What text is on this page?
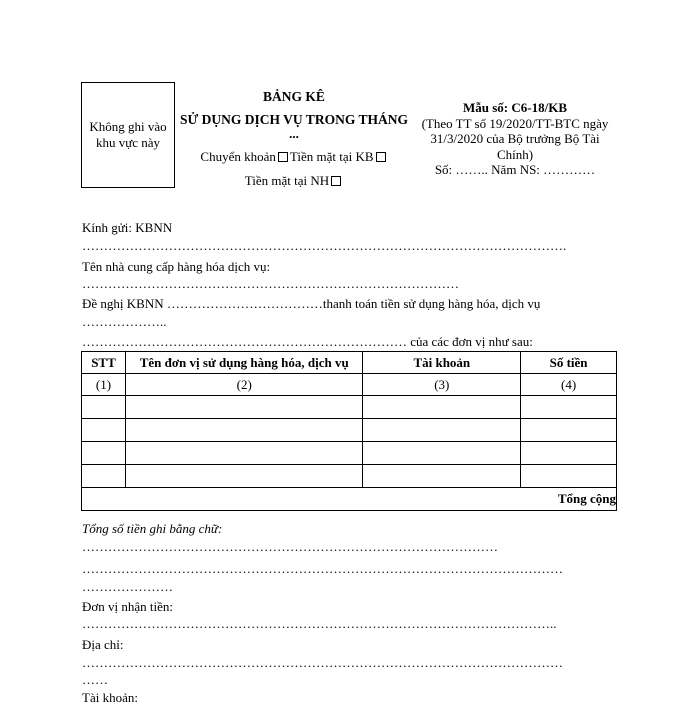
Không ghi vào
khu vực này
BẢNG KÊ
SỬ DỤNG DỊCH VỤ TRONG THÁNG
...
Chuyển khoản Tiền mặt tại KB
Tiền mặt tại NH
Mẫu số: C6-18/KB
(Theo TT số 19/2020/TT-BTC ngày
31/3/2020 của Bộ trưởng Bộ Tài
Chính)
Số: …….. Năm NS: …………
Kính gửi: KBNN
………………………………………………………………………………………………….
Tên nhà cung cấp hàng hóa dịch vụ:
……………………………………………………………………………
Đề nghị KBNN ………………………………thanh toán tiền sử dụng hàng hóa, dịch vụ
………………..
………………………………………………………………… của các đơn vị như sau:
STT	Tên đơn vị sử dụng hàng hóa, dịch vụ	Tài khoản	Số tiền
(1)	(2)	(3)	(4)

Tổng cộng			
Tổng số tiền ghi bằng chữ:
……………………………………………………………………………………
…………………………………………………………………………………………………
…………………
Đơn vị nhận tiền:
………………………………………………………………………………………………..
Địa chỉ:
…………………………………………………………………………………………………
……
Tài khoản:
